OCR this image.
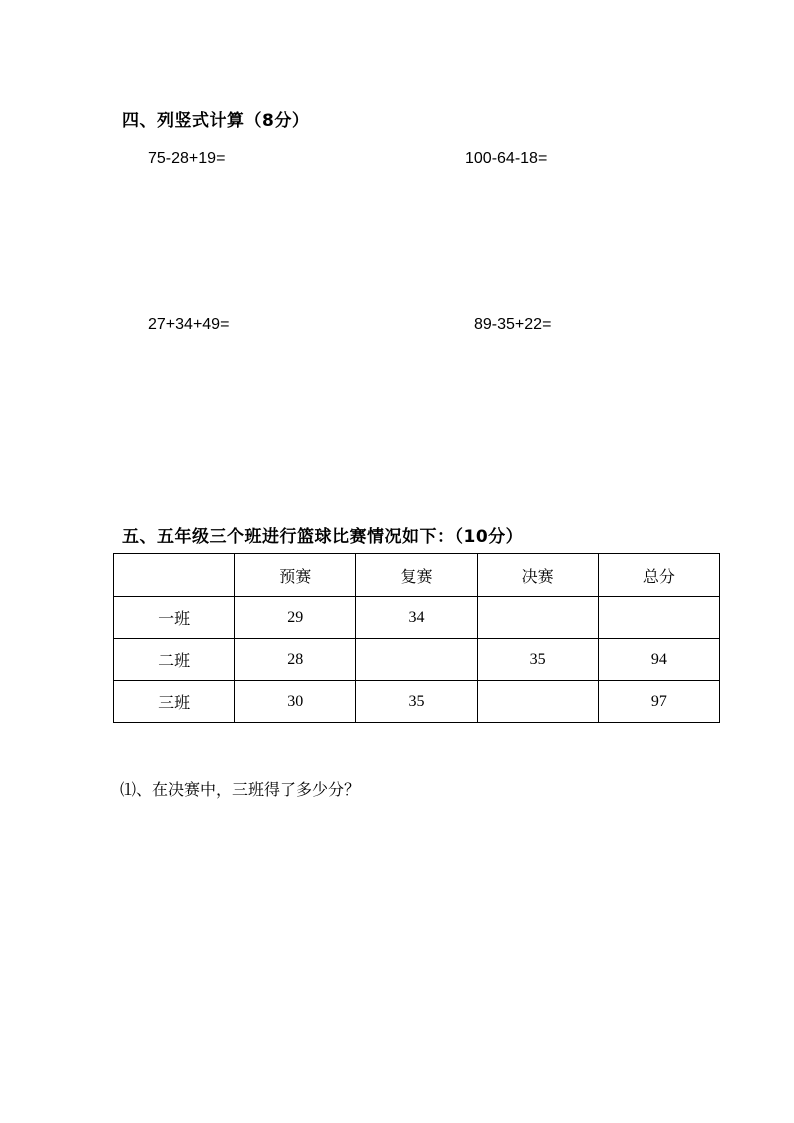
四、列竖式计算（8分）
75-28+19=	100-64-18=
27+34+49=	89-35+22=
五、五年级三个班进行篮球比赛情况如下：（10分）
	预赛	复赛	决赛	总分
一班	29	34		
二班	28		35	94
三班	30	35		97
⑴、在决赛中，三班得了多少分？
